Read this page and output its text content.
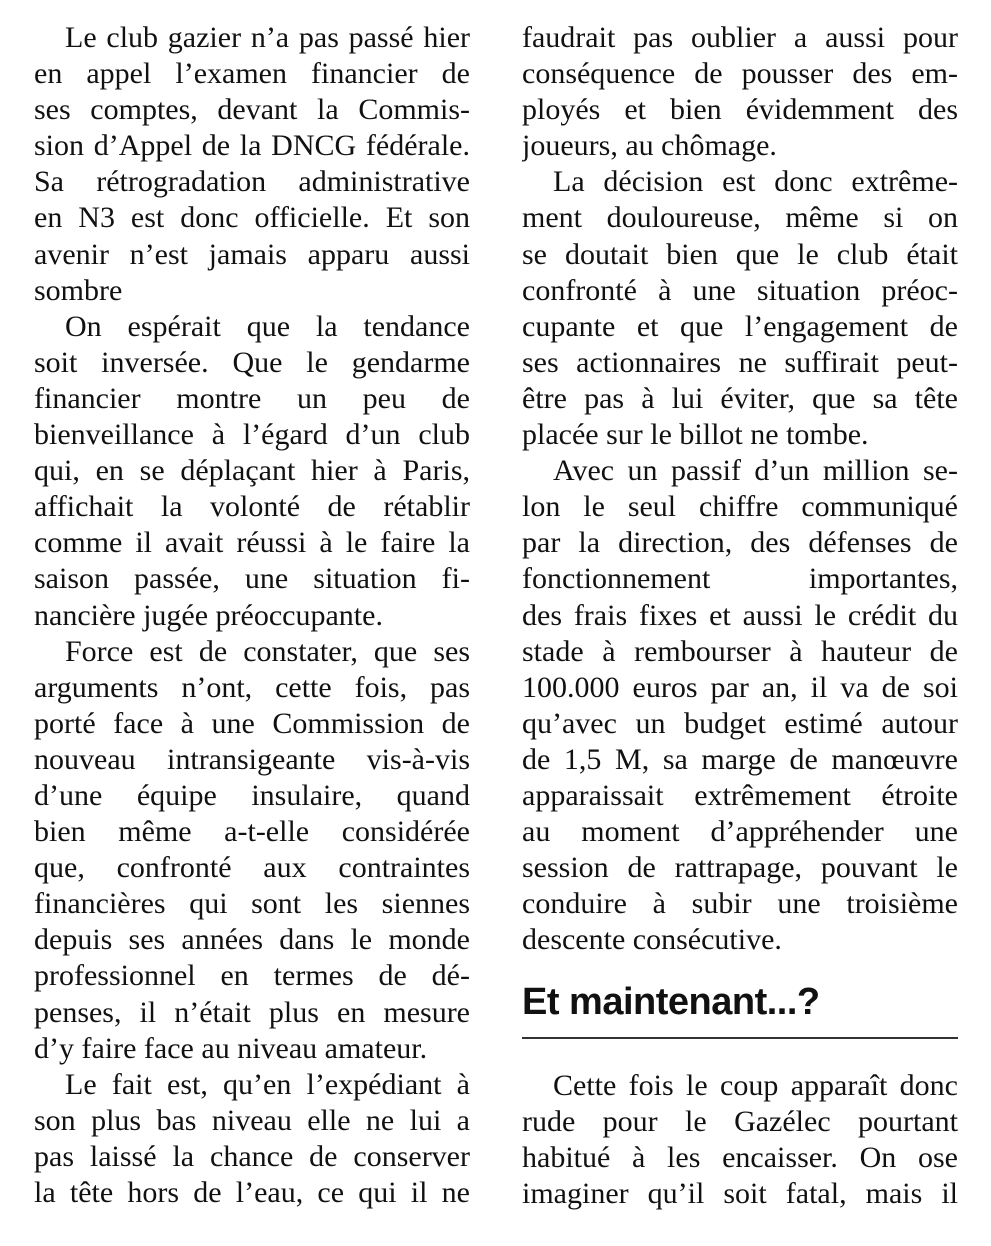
Le club gazier n’a pas passé hier
en appel l’examen financier de
ses comptes, devant la Commis-
sion d’Appel de la DNCG fédérale.
Sa rétrogradation administrative
en N3 est donc officielle. Et son
avenir n’est jamais apparu aussi
sombre
On espérait que la tendance
soit inversée. Que le gendarme
financier montre un peu de
bienveillance à l’égard d’un club
qui, en se déplaçant hier à Paris,
affichait la volonté de rétablir
comme il avait réussi à le faire la
saison passée, une situation fi-
nancière jugée préoccupante.
Force est de constater, que ses
arguments n’ont, cette fois, pas
porté face à une Commission de
nouveau intransigeante vis-à-vis
d’une équipe insulaire, quand
bien même a-t-elle considérée
que, confronté aux contraintes
financières qui sont les siennes
depuis ses années dans le monde
professionnel en termes de dé-
penses, il n’était plus en mesure
d’y faire face au niveau amateur.
Le fait est, qu’en l’expédiant à
son plus bas niveau elle ne lui a
pas laissé la chance de conserver
la tête hors de l’eau, ce qui il ne
faudrait pas oublier a aussi pour
conséquence de pousser des em-
ployés et bien évidemment des
joueurs, au chômage.
La décision est donc extrême-
ment douloureuse, même si on
se doutait bien que le club était
confronté à une situation préoc-
cupante et que l’engagement de
ses actionnaires ne suffirait peut-
être pas à lui éviter, que sa tête
placée sur le billot ne tombe.
Avec un passif d’un million se-
lon le seul chiffre communiqué
par la direction, des défenses de
fonctionnement importantes,
des frais fixes et aussi le crédit du
stade à rembourser à hauteur de
100.000 euros par an, il va de soi
qu’avec un budget estimé autour
de 1,5 M, sa marge de manœuvre
apparaissait extrêmement étroite
au moment d’appréhender une
session de rattrapage, pouvant le
conduire à subir une troisième
descente consécutive.
Et maintenant...?
Cette fois le coup apparaît donc
rude pour le Gazélec pourtant
habitué à les encaisser. On ose
imaginer qu’il soit fatal, mais il
